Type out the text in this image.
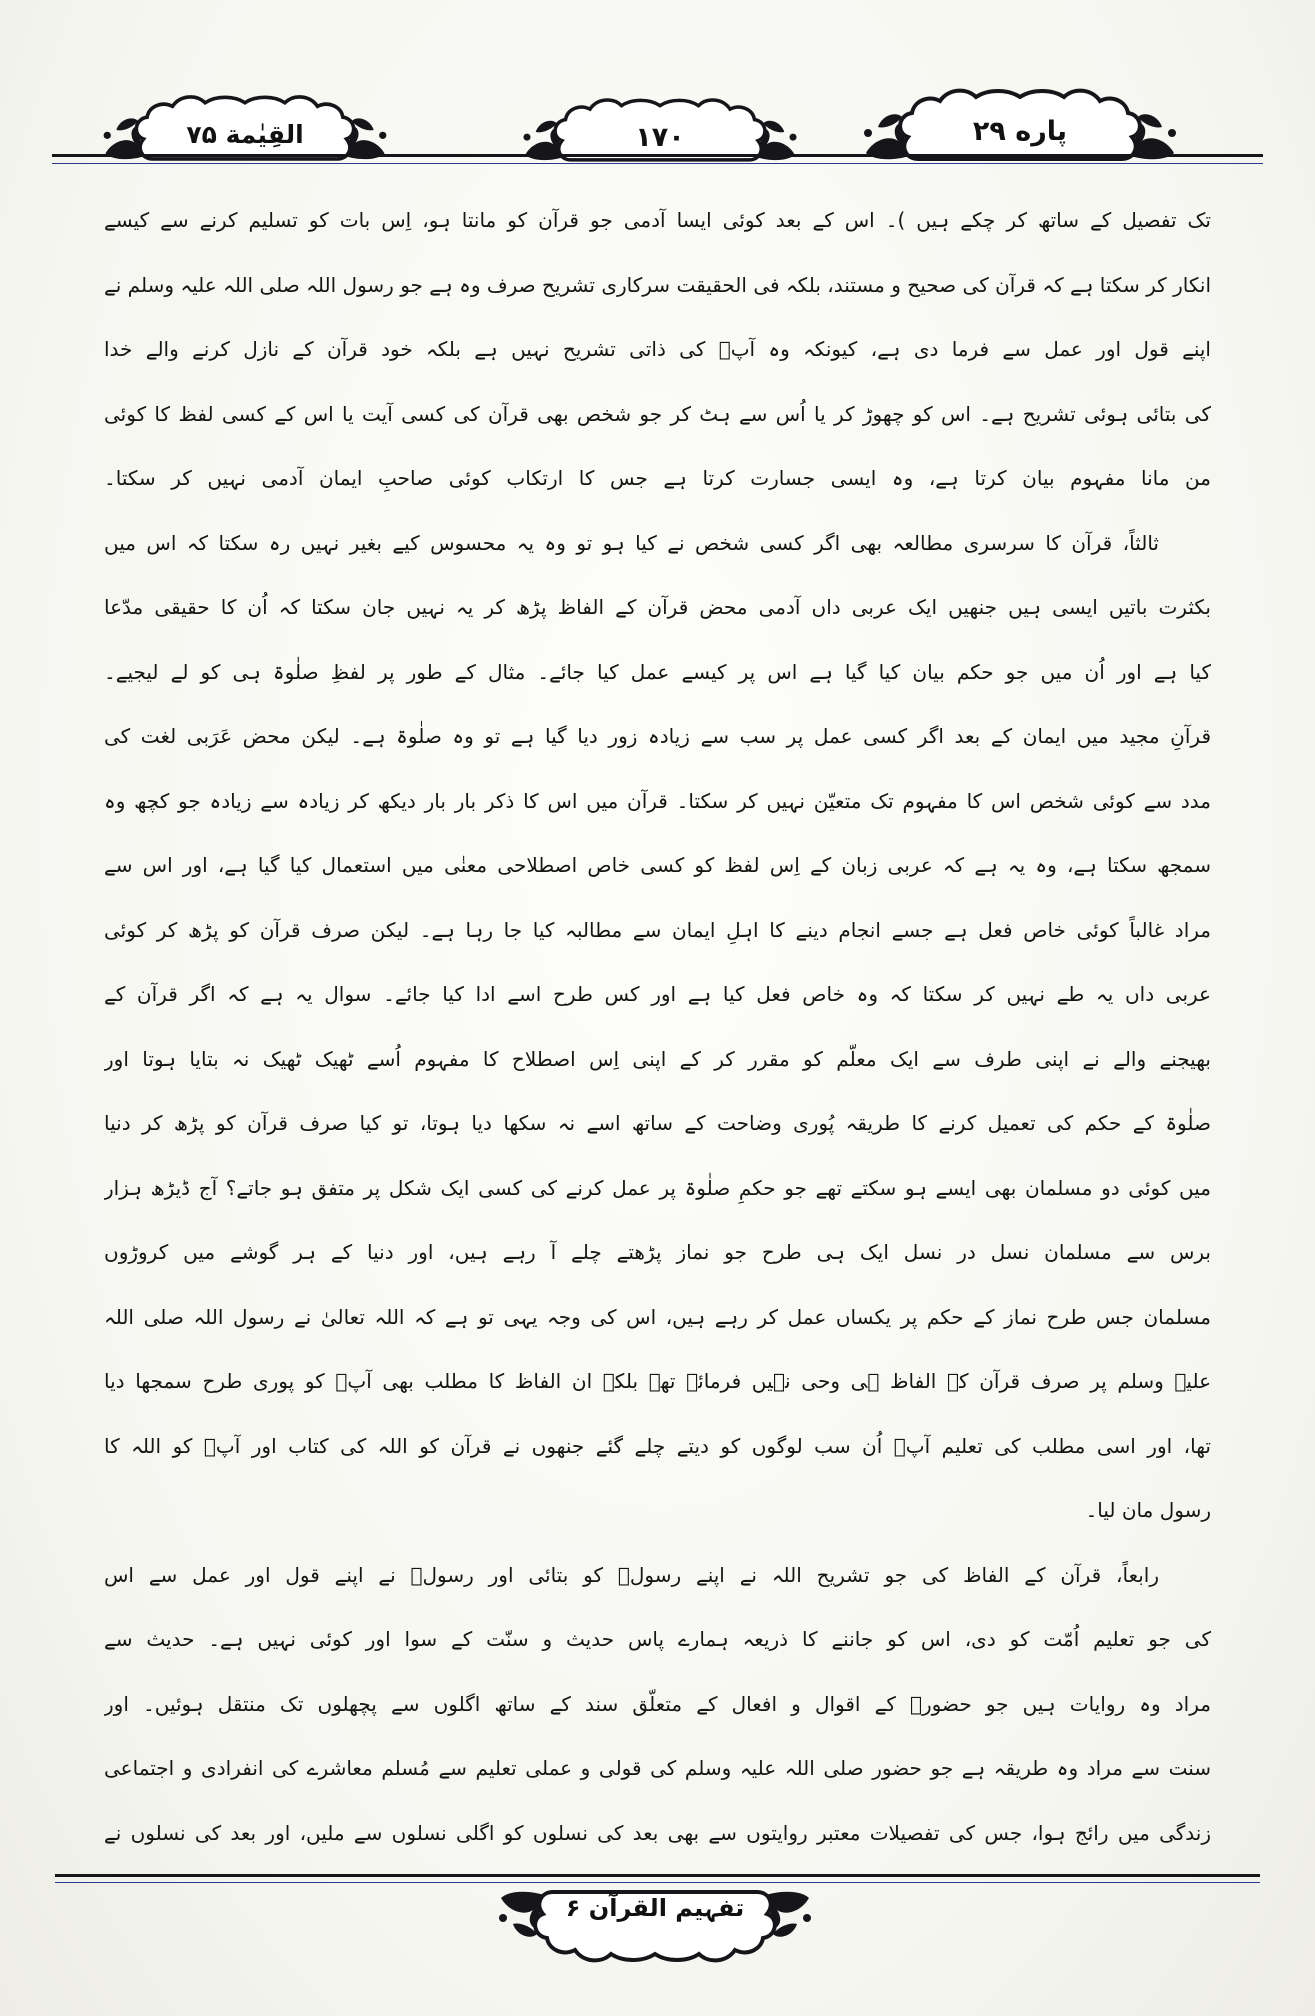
القِیٰمة ۷۵	۱۷۰	پاره ۲۹
تک تفصیل کے ساتھ کر چکے ہیں )۔ اس کے بعد کوئی ایسا آدمی جو قرآن کو مانتا ہو، اِس بات کو تسلیم کرنے سے کیسے
انکار کر سکتا ہے کہ قرآن کی صحیح و مستند، بلکہ فی الحقیقت سرکاری تشریح صرف وہ ہے جو رسول اللہ صلی اللہ علیہ وسلم نے
اپنے قول اور عمل سے فرما دی ہے، کیونکہ وہ آپؐ کی ذاتی تشریح نہیں ہے بلکہ خود قرآن کے نازل کرنے والے خدا
کی بتائی ہوئی تشریح ہے۔ اس کو چھوڑ کر یا اُس سے ہٹ کر جو شخص بھی قرآن کی کسی آیت یا اس کے کسی لفظ کا کوئی
من مانا مفہوم بیان کرتا ہے، وہ ایسی جسارت کرتا ہے جس کا ارتکاب کوئی صاحبِ ایمان آدمی نہیں کر سکتا۔
ثالثاً، قرآن کا سرسری مطالعہ بھی اگر کسی شخص نے کیا ہو تو وہ یہ محسوس کیے بغیر نہیں رہ سکتا کہ اس میں
بکثرت باتیں ایسی ہیں جنھیں ایک عربی داں آدمی محض قرآن کے الفاظ پڑھ کر یہ نہیں جان سکتا کہ اُن کا حقیقی مدّعا
کیا ہے اور اُن میں جو حکم بیان کیا گیا ہے اس پر کیسے عمل کیا جائے۔ مثال کے طور پر لفظِ صلٰوۃ ہی کو لے لیجیے۔
قرآنِ مجید میں ایمان کے بعد اگر کسی عمل پر سب سے زیادہ زور دیا گیا ہے تو وہ صلٰوۃ ہے۔ لیکن محض عَرَبی لغت کی
مدد سے کوئی شخص اس کا مفہوم تک متعیّن نہیں کر سکتا۔ قرآن میں اس کا ذکر بار بار دیکھ کر زیادہ سے زیادہ جو کچھ وہ
سمجھ سکتا ہے، وہ یہ ہے کہ عربی زبان کے اِس لفظ کو کسی خاص اصطلاحی معنٰی میں استعمال کیا گیا ہے، اور اس سے
مراد غالباً کوئی خاص فعل ہے جسے انجام دینے کا اہلِ ایمان سے مطالبہ کیا جا رہا ہے۔ لیکن صرف قرآن کو پڑھ کر کوئی
عربی داں یہ طے نہیں کر سکتا کہ وہ خاص فعل کیا ہے اور کس طرح اسے ادا کیا جائے۔ سوال یہ ہے کہ اگر قرآن کے
بھیجنے والے نے اپنی طرف سے ایک معلّم کو مقرر کر کے اپنی اِس اصطلاح کا مفہوم اُسے ٹھیک ٹھیک نہ بتایا ہوتا اور
صلٰوۃ کے حکم کی تعمیل کرنے کا طریقہ پُوری وضاحت کے ساتھ اسے نہ سکھا دیا ہوتا، تو کیا صرف قرآن کو پڑھ کر دنیا
میں کوئی دو مسلمان بھی ایسے ہو سکتے تھے جو حکمِ صلٰوۃ پر عمل کرنے کی کسی ایک شکل پر متفق ہو جاتے؟ آج ڈیڑھ ہزار
برس سے مسلمان نسل در نسل ایک ہی طرح جو نماز پڑھتے چلے آ رہے ہیں، اور دنیا کے ہر گوشے میں کروڑوں
مسلمان جس طرح نماز کے حکم پر یکساں عمل کر رہے ہیں، اس کی وجہ یہی تو ہے کہ اللہ تعالیٰ نے رسول اللہ صلی اللہ
علیہ وسلم پر صرف قرآن کے الفاظ ہی وحی نہیں فرمائے تھے بلکہ ان الفاظ کا مطلب بھی آپؐ کو پوری طرح سمجھا دیا
تھا، اور اسی مطلب کی تعلیم آپؐ اُن سب لوگوں کو دیتے چلے گئے جنھوں نے قرآن کو اللہ کی کتاب اور آپؐ کو اللہ کا
رسول مان لیا۔
رابعاً، قرآن کے الفاظ کی جو تشریح اللہ نے اپنے رسولؐ کو بتائی اور رسولؐ نے اپنے قول اور عمل سے اس
کی جو تعلیم اُمّت کو دی، اس کو جاننے کا ذریعہ ہمارے پاس حدیث و سنّت کے سوا اور کوئی نہیں ہے۔ حدیث سے
مراد وہ روایات ہیں جو حضورؐ کے اقوال و افعال کے متعلّق سند کے ساتھ اگلوں سے پچھلوں تک منتقل ہوئیں۔ اور
سنت سے مراد وہ طریقہ ہے جو حضور صلی اللہ علیہ وسلم کی قولی و عملی تعلیم سے مُسلم معاشرے کی انفرادی و اجتماعی
زندگی میں رائج ہوا، جس کی تفصیلات معتبر روایتوں سے بھی بعد کی نسلوں کو اگلی نسلوں سے ملیں، اور بعد کی نسلوں نے
تفہیم القرآن ۶
